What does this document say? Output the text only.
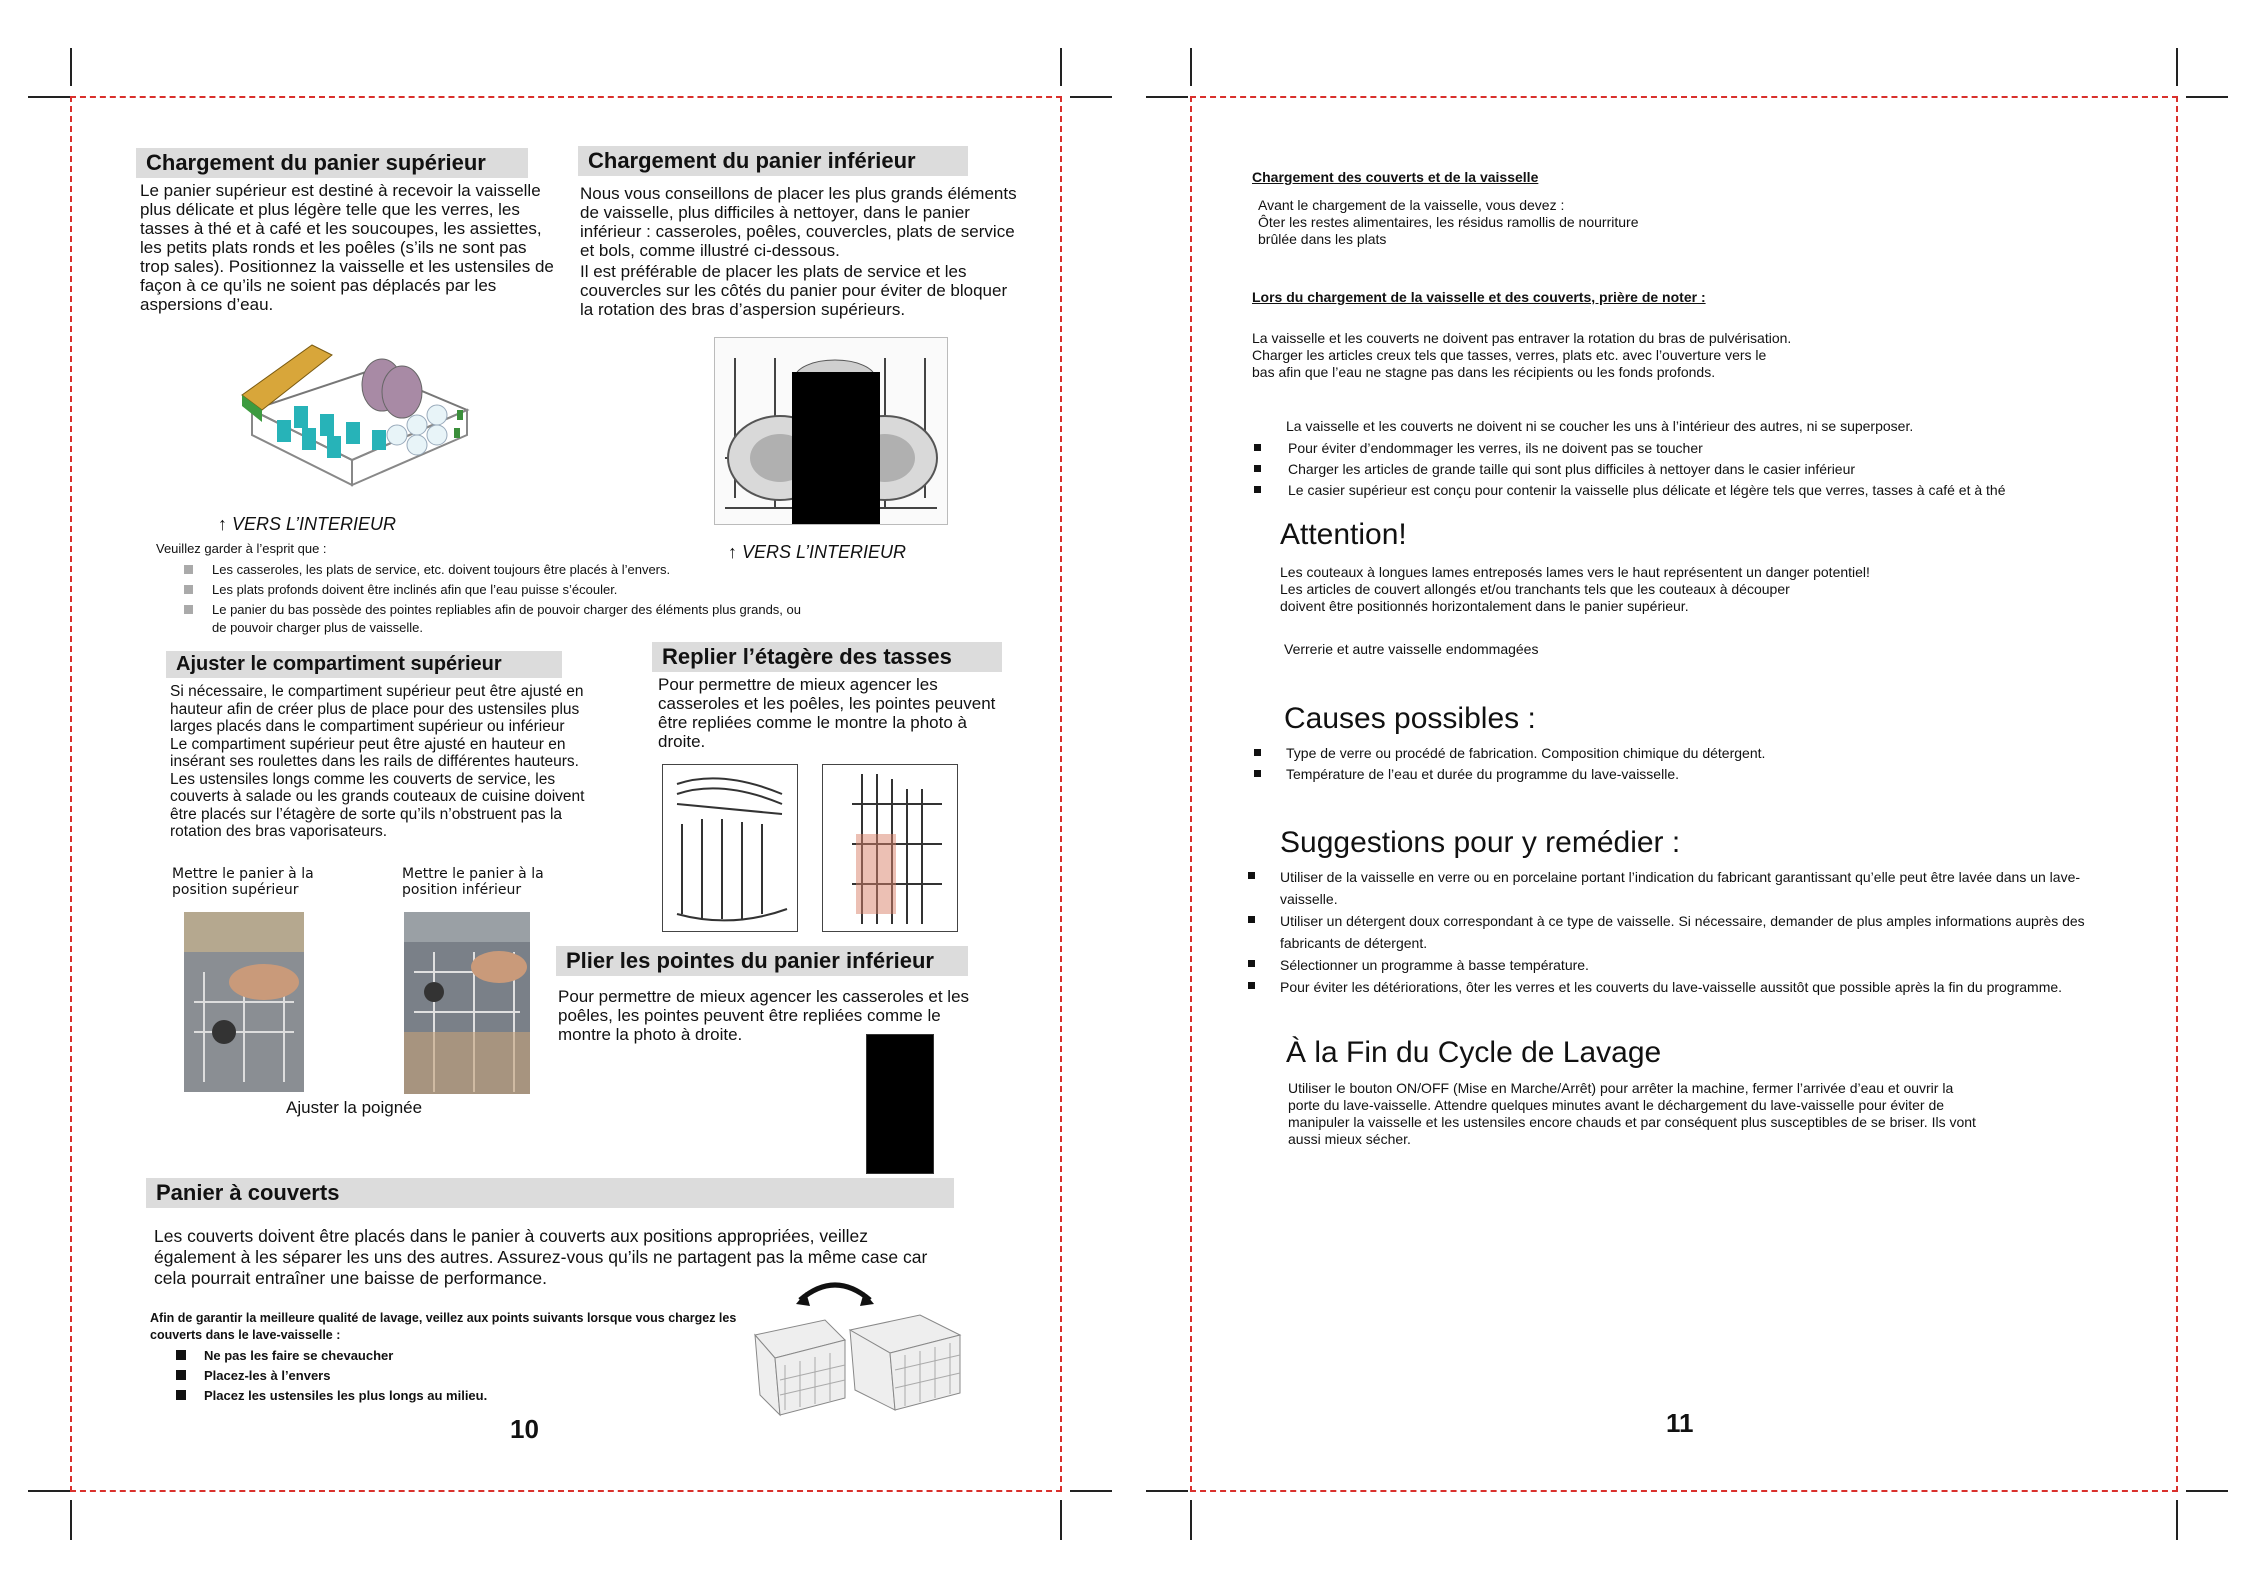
Chargement du panier supérieur
Le panier supérieur est destiné à recevoir la vaisselle plus délicate et plus légère telle que les verres, les tasses à thé et à café et les soucoupes, les assiettes, les petits plats ronds et les poêles (s’ils ne sont pas trop sales). Positionnez la vaisselle et les ustensiles de façon à ce qu’ils ne soient pas déplacés par les aspersions d’eau.
Chargement du panier inférieur
Nous vous conseillons de placer les plus grands éléments de vaisselle, plus difficiles à nettoyer, dans le panier inférieur : casseroles, poêles, couvercles, plats de service et bols, comme illustré ci-dessous.
Il est préférable de placer les plats de service et les couvercles sur les côtés du panier pour éviter de bloquer la rotation des bras d’aspersion supérieurs.
↑ VERS L’INTERIEUR
↑ VERS L’INTERIEUR
Veuillez garder à l’esprit que :
Les casseroles, les plats de service, etc. doivent toujours être placés à l’envers.
Les plats profonds doivent être inclinés afin que l’eau puisse s’écouler.
Le panier du bas possède des pointes repliables afin de pouvoir charger des éléments plus grands, ou de pouvoir charger plus de vaisselle.
Ajuster le compartiment supérieur
Si nécessaire, le compartiment supérieur peut être ajusté en hauteur afin de créer plus de place pour des ustensiles plus larges placés dans le compartiment supérieur ou inférieur Le compartiment supérieur peut être ajusté en hauteur en insérant ses roulettes dans les rails de différentes hauteurs. Les ustensiles longs comme les couverts de service, les couverts à salade ou les grands couteaux de cuisine doivent être placés sur l’étagère de sorte qu’ils n’obstruent pas la rotation des bras vaporisateurs.
Mettre le panier à la position supérieur
Mettre le panier à la position inférieur
Ajuster la poignée
Replier l’étagère des tasses
Pour permettre de mieux agencer les casseroles et les poêles, les pointes peuvent être repliées comme le montre la photo à droite.
Plier les pointes du panier inférieur
Pour permettre de mieux agencer les casseroles et les poêles, les pointes peuvent être repliées comme le montre la photo à droite.
Panier à couverts
Les couverts doivent être placés dans le panier à couverts aux positions appropriées, veillez également à les séparer les uns des autres. Assurez-vous qu’ils ne partagent pas la même case car cela pourrait entraîner une baisse de performance.
Afin de garantir la meilleure qualité de lavage, veillez aux points suivants lorsque vous chargez les couverts dans le lave-vaisselle :
Ne pas les faire se chevaucher
Placez-les à l’envers
Placez les ustensiles les plus longs au milieu.
10
Chargement des couverts et de la vaisselle
Avant le chargement de la vaisselle, vous devez :
Ôter les restes alimentaires, les résidus ramollis de nourriture brûlée dans les plats
Lors du chargement de la vaisselle et des couverts, prière de noter :
La vaisselle et les couverts ne doivent pas entraver la rotation du bras de pulvérisation.
Charger les articles creux tels que tasses, verres, plats etc. avec l’ouverture vers le
bas afin que l’eau ne stagne pas dans les récipients ou les fonds profonds.
La vaisselle et les couverts ne doivent ni se coucher les uns à l’intérieur des autres, ni se superposer.
Pour éviter d’endommager les verres, ils ne doivent pas se toucher
Charger les articles de grande taille qui sont plus difficiles à nettoyer dans le casier inférieur
Le casier supérieur est conçu pour contenir la vaisselle plus délicate et légère tels que verres, tasses à café et à thé
Attention!
Les couteaux à longues lames entreposés lames vers le haut représentent un danger potentiel!
Les articles de couvert allongés et/ou tranchants tels que les couteaux à découper
doivent être positionnés horizontalement dans le panier supérieur.
Verrerie et autre vaisselle endommagées
Causes possibles :
Type de verre ou procédé de fabrication. Composition chimique du détergent.
Température de l’eau et durée du programme du lave-vaisselle.
Suggestions pour y remédier :
Utiliser de la vaisselle en verre ou en porcelaine portant l’indication du fabricant garantissant qu’elle peut être lavée dans un lave-vaisselle.
Utiliser un détergent doux correspondant à ce type de vaisselle. Si nécessaire, demander de plus amples informations auprès des fabricants de détergent.
Sélectionner un programme à basse température.
Pour éviter les détériorations, ôter les verres et les couverts du lave-vaisselle aussitôt que possible après la fin du programme.
À la Fin du Cycle de Lavage
Utiliser le bouton ON/OFF (Mise en Marche/Arrêt) pour arrêter la machine, fermer l’arrivée d’eau et ouvrir la porte du lave-vaisselle. Attendre quelques minutes avant le déchargement du lave-vaisselle pour éviter de manipuler la vaisselle et les ustensiles encore chauds et par conséquent plus susceptibles de se briser. Ils vont aussi mieux sécher.
11
